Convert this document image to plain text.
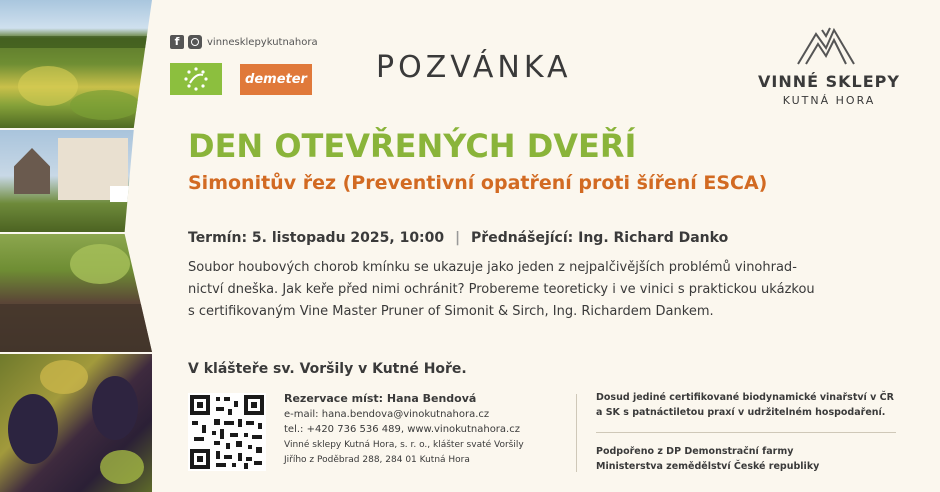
f	vinnesklepykutnahora
demeter POZVÁNKA	VINNÉ SKLEPY
KUTNÁ HORA
DEN OTEVŘENÝCH DVEŘÍ
Simonitův řez (Preventivní opatření proti šíření ESCA)
Termín: 5. listopadu 2025, 10:00 | Přednášející: Ing. Richard Danko
Soubor houbových chorob kmínku se ukazuje jako jeden z nejpalčivějších problémů vinohrad-
nictví dneška. Jak keře před nimi ochránit? Probereme teoreticky i ve vinici s praktickou ukázkou
s certifikovaným Vine Master Pruner of Simonit & Sirch, Ing. Richardem Dankem.
V klášteře sv. Voršily v Kutné Hoře.
Rezervace míst: Hana Bendová
e-mail: hana.bendova@vinokutnahora.cz
tel.: +420 736 536 489, www.vinokutnahora.cz
Vinné sklepy Kutná Hora, s. r. o., klášter svaté Voršily
Jiřího z Poděbrad 288, 284 01 Kutná Hora
Dosud jediné certifikované biodynamické vinařství v ČR
a SK s patnáctiletou praxí v udržitelném hospodaření.
Podpořeno z DP Demonstrační farmy
Ministerstva zemědělství České republiky
